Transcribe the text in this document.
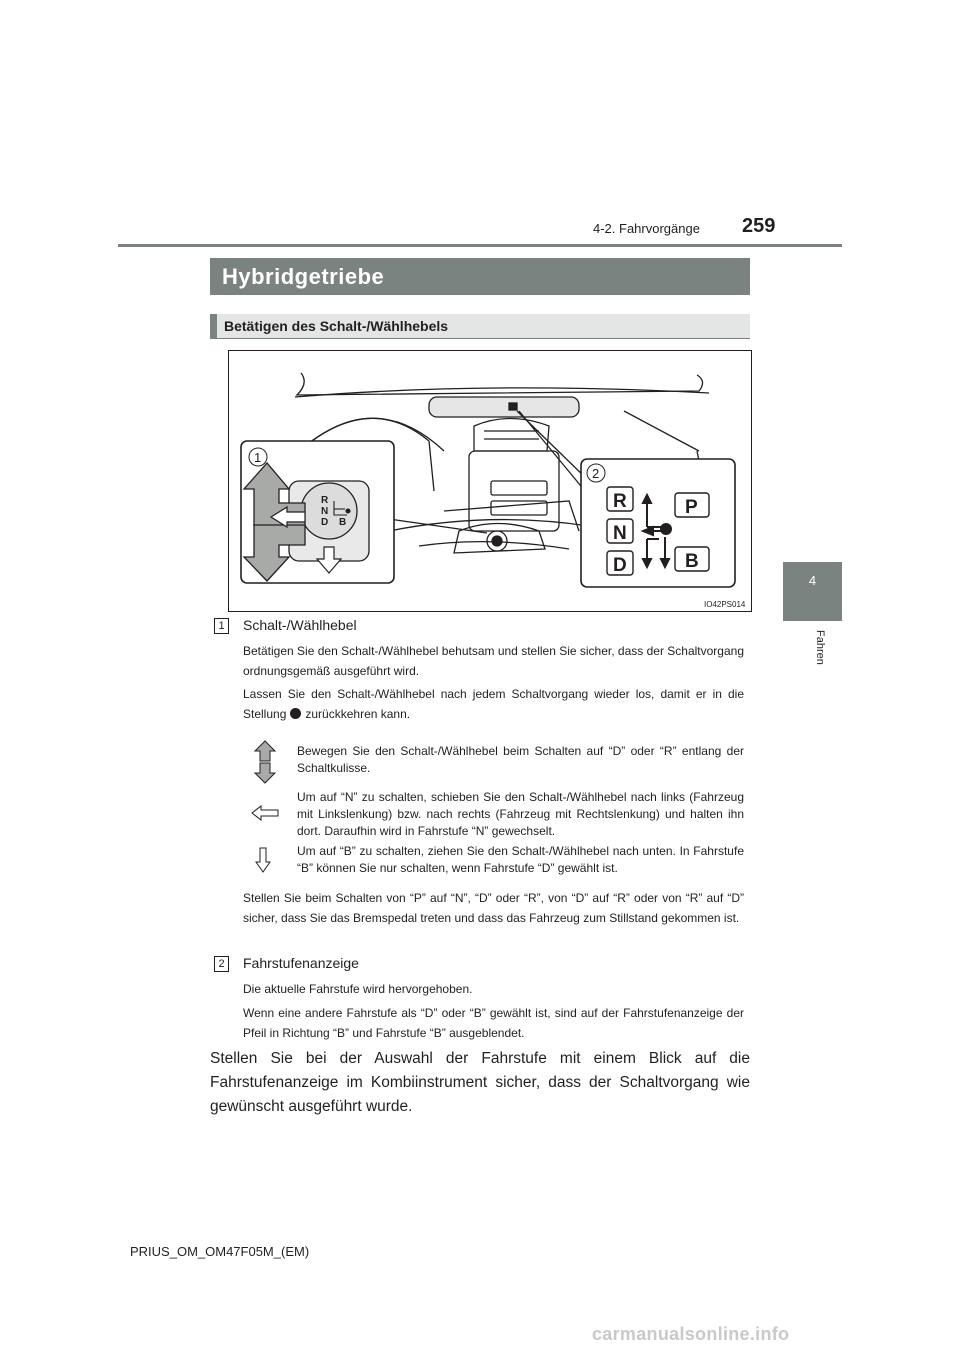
4-2. Fahrvorgänge 259
4
Fahren
Hybridgetriebe
Betätigen des Schalt-/Wählhebels
R
N
D B
1
2
R
N
D
P
B
IO42PS014
1	Schalt-/Wählhebel
Betätigen Sie den Schalt-/Wählhebel behutsam und stellen Sie sicher, dass der Schaltvorgang ordnungsgemäß ausgeführt wird.
Lassen Sie den Schalt-/Wählhebel nach jedem Schaltvorgang wieder los, damit er in die Stellung zurückkehren kann.
Bewegen Sie den Schalt-/Wählhebel beim Schalten auf “D” oder “R” entlang der Schaltkulisse.
Um auf “N” zu schalten, schieben Sie den Schalt-/Wählhebel nach links (Fahrzeug mit Linkslenkung) bzw. nach rechts (Fahrzeug mit Rechtslenkung) und halten ihn dort. Daraufhin wird in Fahrstufe “N” gewechselt.
Um auf “B” zu schalten, ziehen Sie den Schalt-/Wählhebel nach unten. In Fahrstufe “B” können Sie nur schalten, wenn Fahrstufe “D” gewählt ist.
Stellen Sie beim Schalten von “P” auf “N”, “D” oder “R”, von “D” auf “R” oder von “R” auf “D” sicher, dass Sie das Bremspedal treten und dass das Fahrzeug zum Stillstand gekommen ist.
2	Fahrstufenanzeige
Die aktuelle Fahrstufe wird hervorgehoben.
Wenn eine andere Fahrstufe als “D” oder “B” gewählt ist, sind auf der Fahrstufenanzeige der Pfeil in Richtung “B” und Fahrstufe “B” ausgeblendet.
Stellen Sie bei der Auswahl der Fahrstufe mit einem Blick auf die Fahrstufenanzeige im Kombiinstrument sicher, dass der Schaltvorgang wie gewünscht ausgeführt wurde.
PRIUS_OM_OM47F05M_(EM)
carmanualsonline.info
